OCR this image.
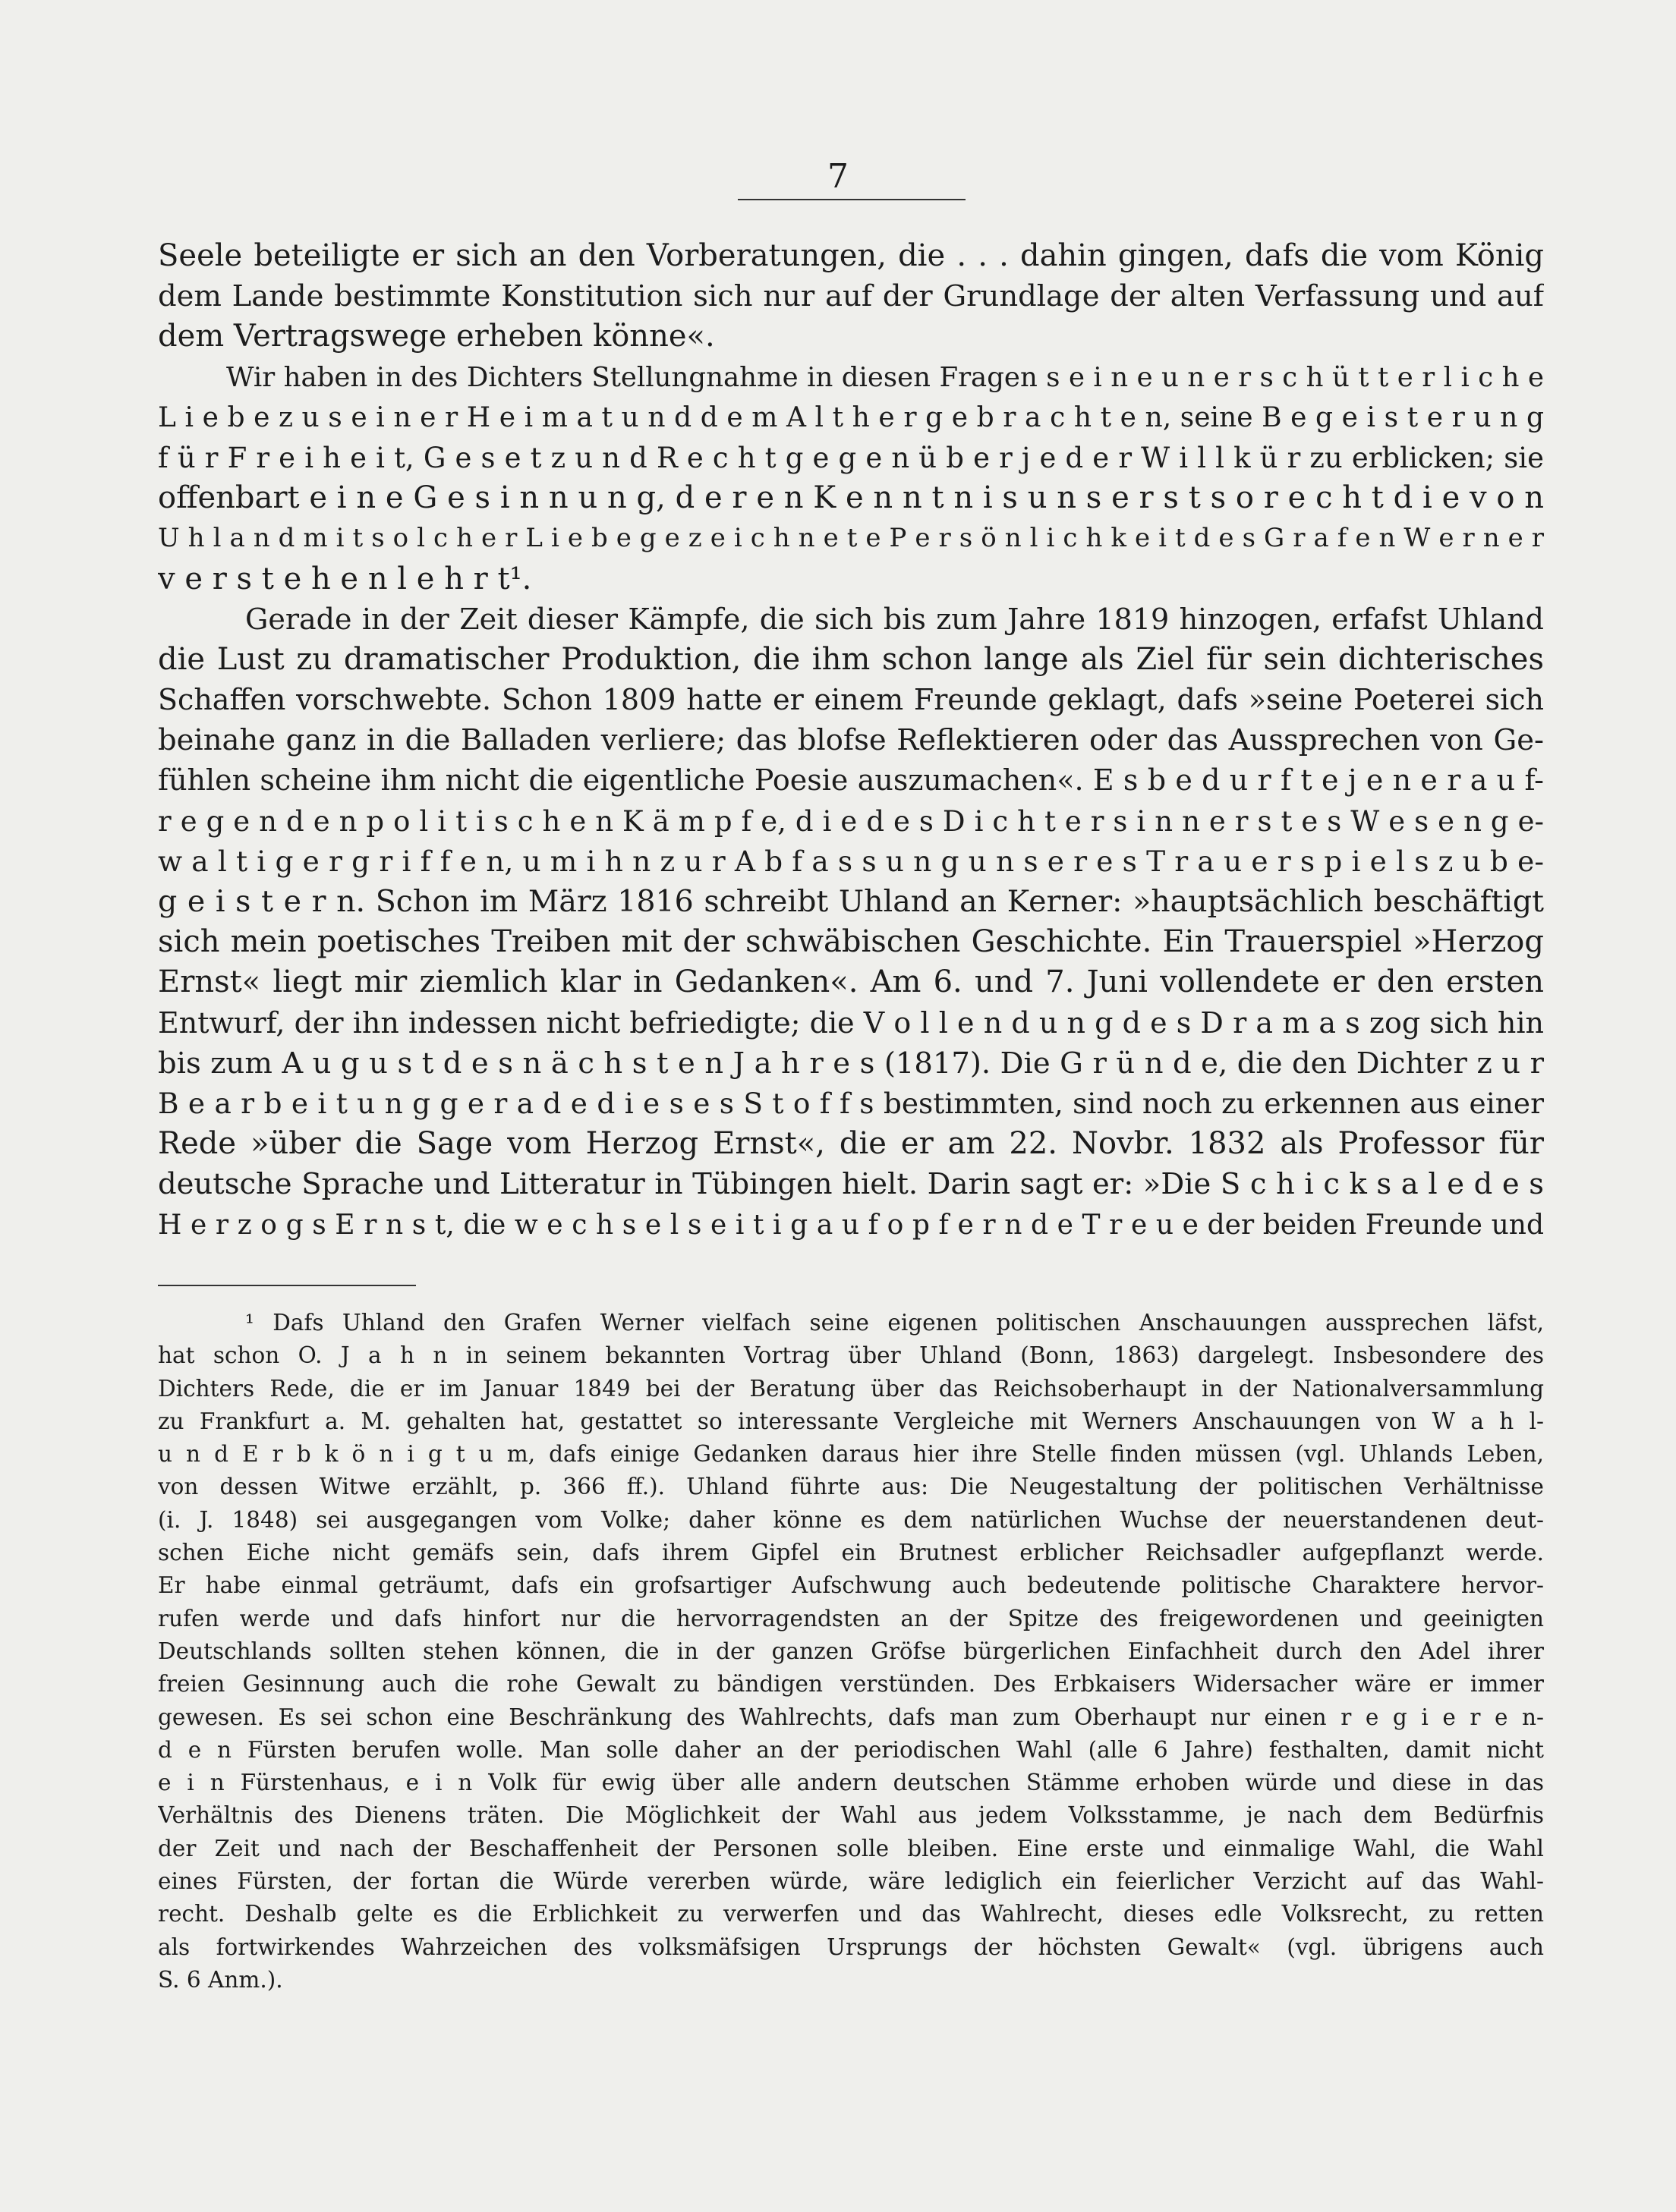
7
Seele beteiligte er sich an den Vorberatungen, die . . . dahin gingen, dafs die vom König
dem Lande bestimmte Konstitution sich nur auf der Grundlage der alten Verfassung und auf
dem Vertragswege erheben könne«.
Wir haben in des Dichters Stellungnahme in diesen Fragen s e i n e u n e r s c h ü t t e r l i c h e
L i e b e z u s e i n e r H e i m a t u n d d e m A l t h e r g e b r a c h t e n, seine B e g e i s t e r u n g
f ü r F r e i h e i t, G e s e t z u n d R e c h t g e g e n ü b e r j e d e r W i l l k ü r zu erblicken; sie
offenbart e i n e G e s i n n u n g, d e r e n K e n n t n i s u n s e r s t s o r e c h t d i e v o n
U h l a n d m i t s o l c h e r L i e b e g e z e i c h n e t e P e r s ö n l i c h k e i t d e s G r a f e n W e r n e r
v e r s t e h e n l e h r t¹.
Gerade in der Zeit dieser Kämpfe, die sich bis zum Jahre 1819 hinzogen, erfafst Uhland
die Lust zu dramatischer Produktion, die ihm schon lange als Ziel für sein dichterisches
Schaffen vorschwebte. Schon 1809 hatte er einem Freunde geklagt, dafs »seine Poeterei sich
beinahe ganz in die Balladen verliere; das blofse Reflektieren oder das Aussprechen von Ge-
fühlen scheine ihm nicht die eigentliche Poesie auszumachen«. E s b e d u r f t e j e n e r a u f-
r e g e n d e n p o l i t i s c h e n K ä m p f e, d i e d e s D i c h t e r s i n n e r s t e s W e s e n g e-
w a l t i g e r g r i f f e n, u m i h n z u r A b f a s s u n g u n s e r e s T r a u e r s p i e l s z u b e-
g e i s t e r n. Schon im März 1816 schreibt Uhland an Kerner: »hauptsächlich beschäftigt
sich mein poetisches Treiben mit der schwäbischen Geschichte. Ein Trauerspiel »Herzog
Ernst« liegt mir ziemlich klar in Gedanken«. Am 6. und 7. Juni vollendete er den ersten
Entwurf, der ihn indessen nicht befriedigte; die V o l l e n d u n g d e s D r a m a s zog sich hin
bis zum A u g u s t d e s n ä c h s t e n J a h r e s (1817). Die G r ü n d e, die den Dichter z u r
B e a r b e i t u n g g e r a d e d i e s e s S t o f f s bestimmten, sind noch zu erkennen aus einer
Rede »über die Sage vom Herzog Ernst«, die er am 22. Novbr. 1832 als Professor für
deutsche Sprache und Litteratur in Tübingen hielt. Darin sagt er: »Die S c h i c k s a l e d e s
H e r z o g s E r n s t, die w e c h s e l s e i t i g a u f o p f e r n d e T r e u e der beiden Freunde und
¹ Dafs Uhland den Grafen Werner vielfach seine eigenen politischen Anschauungen aussprechen läfst,
hat schon O. J a h n in seinem bekannten Vortrag über Uhland (Bonn, 1863) dargelegt. Insbesondere des
Dichters Rede, die er im Januar 1849 bei der Beratung über das Reichsoberhaupt in der Nationalversammlung
zu Frankfurt a. M. gehalten hat, gestattet so interessante Vergleiche mit Werners Anschauungen von W a h l-
u n d E r b k ö n i g t u m, dafs einige Gedanken daraus hier ihre Stelle finden müssen (vgl. Uhlands Leben,
von dessen Witwe erzählt, p. 366 ff.). Uhland führte aus: Die Neugestaltung der politischen Verhältnisse
(i. J. 1848) sei ausgegangen vom Volke; daher könne es dem natürlichen Wuchse der neuerstandenen deut-
schen Eiche nicht gemäfs sein, dafs ihrem Gipfel ein Brutnest erblicher Reichsadler aufgepflanzt werde.
Er habe einmal geträumt, dafs ein grofsartiger Aufschwung auch bedeutende politische Charaktere hervor-
rufen werde und dafs hinfort nur die hervorragendsten an der Spitze des freigewordenen und geeinigten
Deutschlands sollten stehen können, die in der ganzen Gröfse bürgerlichen Einfachheit durch den Adel ihrer
freien Gesinnung auch die rohe Gewalt zu bändigen verstünden. Des Erbkaisers Widersacher wäre er immer
gewesen. Es sei schon eine Beschränkung des Wahlrechts, dafs man zum Oberhaupt nur einen r e g i e r e n-
d e n Fürsten berufen wolle. Man solle daher an der periodischen Wahl (alle 6 Jahre) festhalten, damit nicht
e i n Fürstenhaus, e i n Volk für ewig über alle andern deutschen Stämme erhoben würde und diese in das
Verhältnis des Dienens träten. Die Möglichkeit der Wahl aus jedem Volksstamme, je nach dem Bedürfnis
der Zeit und nach der Beschaffenheit der Personen solle bleiben. Eine erste und einmalige Wahl, die Wahl
eines Fürsten, der fortan die Würde vererben würde, wäre lediglich ein feierlicher Verzicht auf das Wahl-
recht. Deshalb gelte es die Erblichkeit zu verwerfen und das Wahlrecht, dieses edle Volksrecht, zu retten
als fortwirkendes Wahrzeichen des volksmäfsigen Ursprungs der höchsten Gewalt« (vgl. übrigens auch
S. 6 Anm.).
